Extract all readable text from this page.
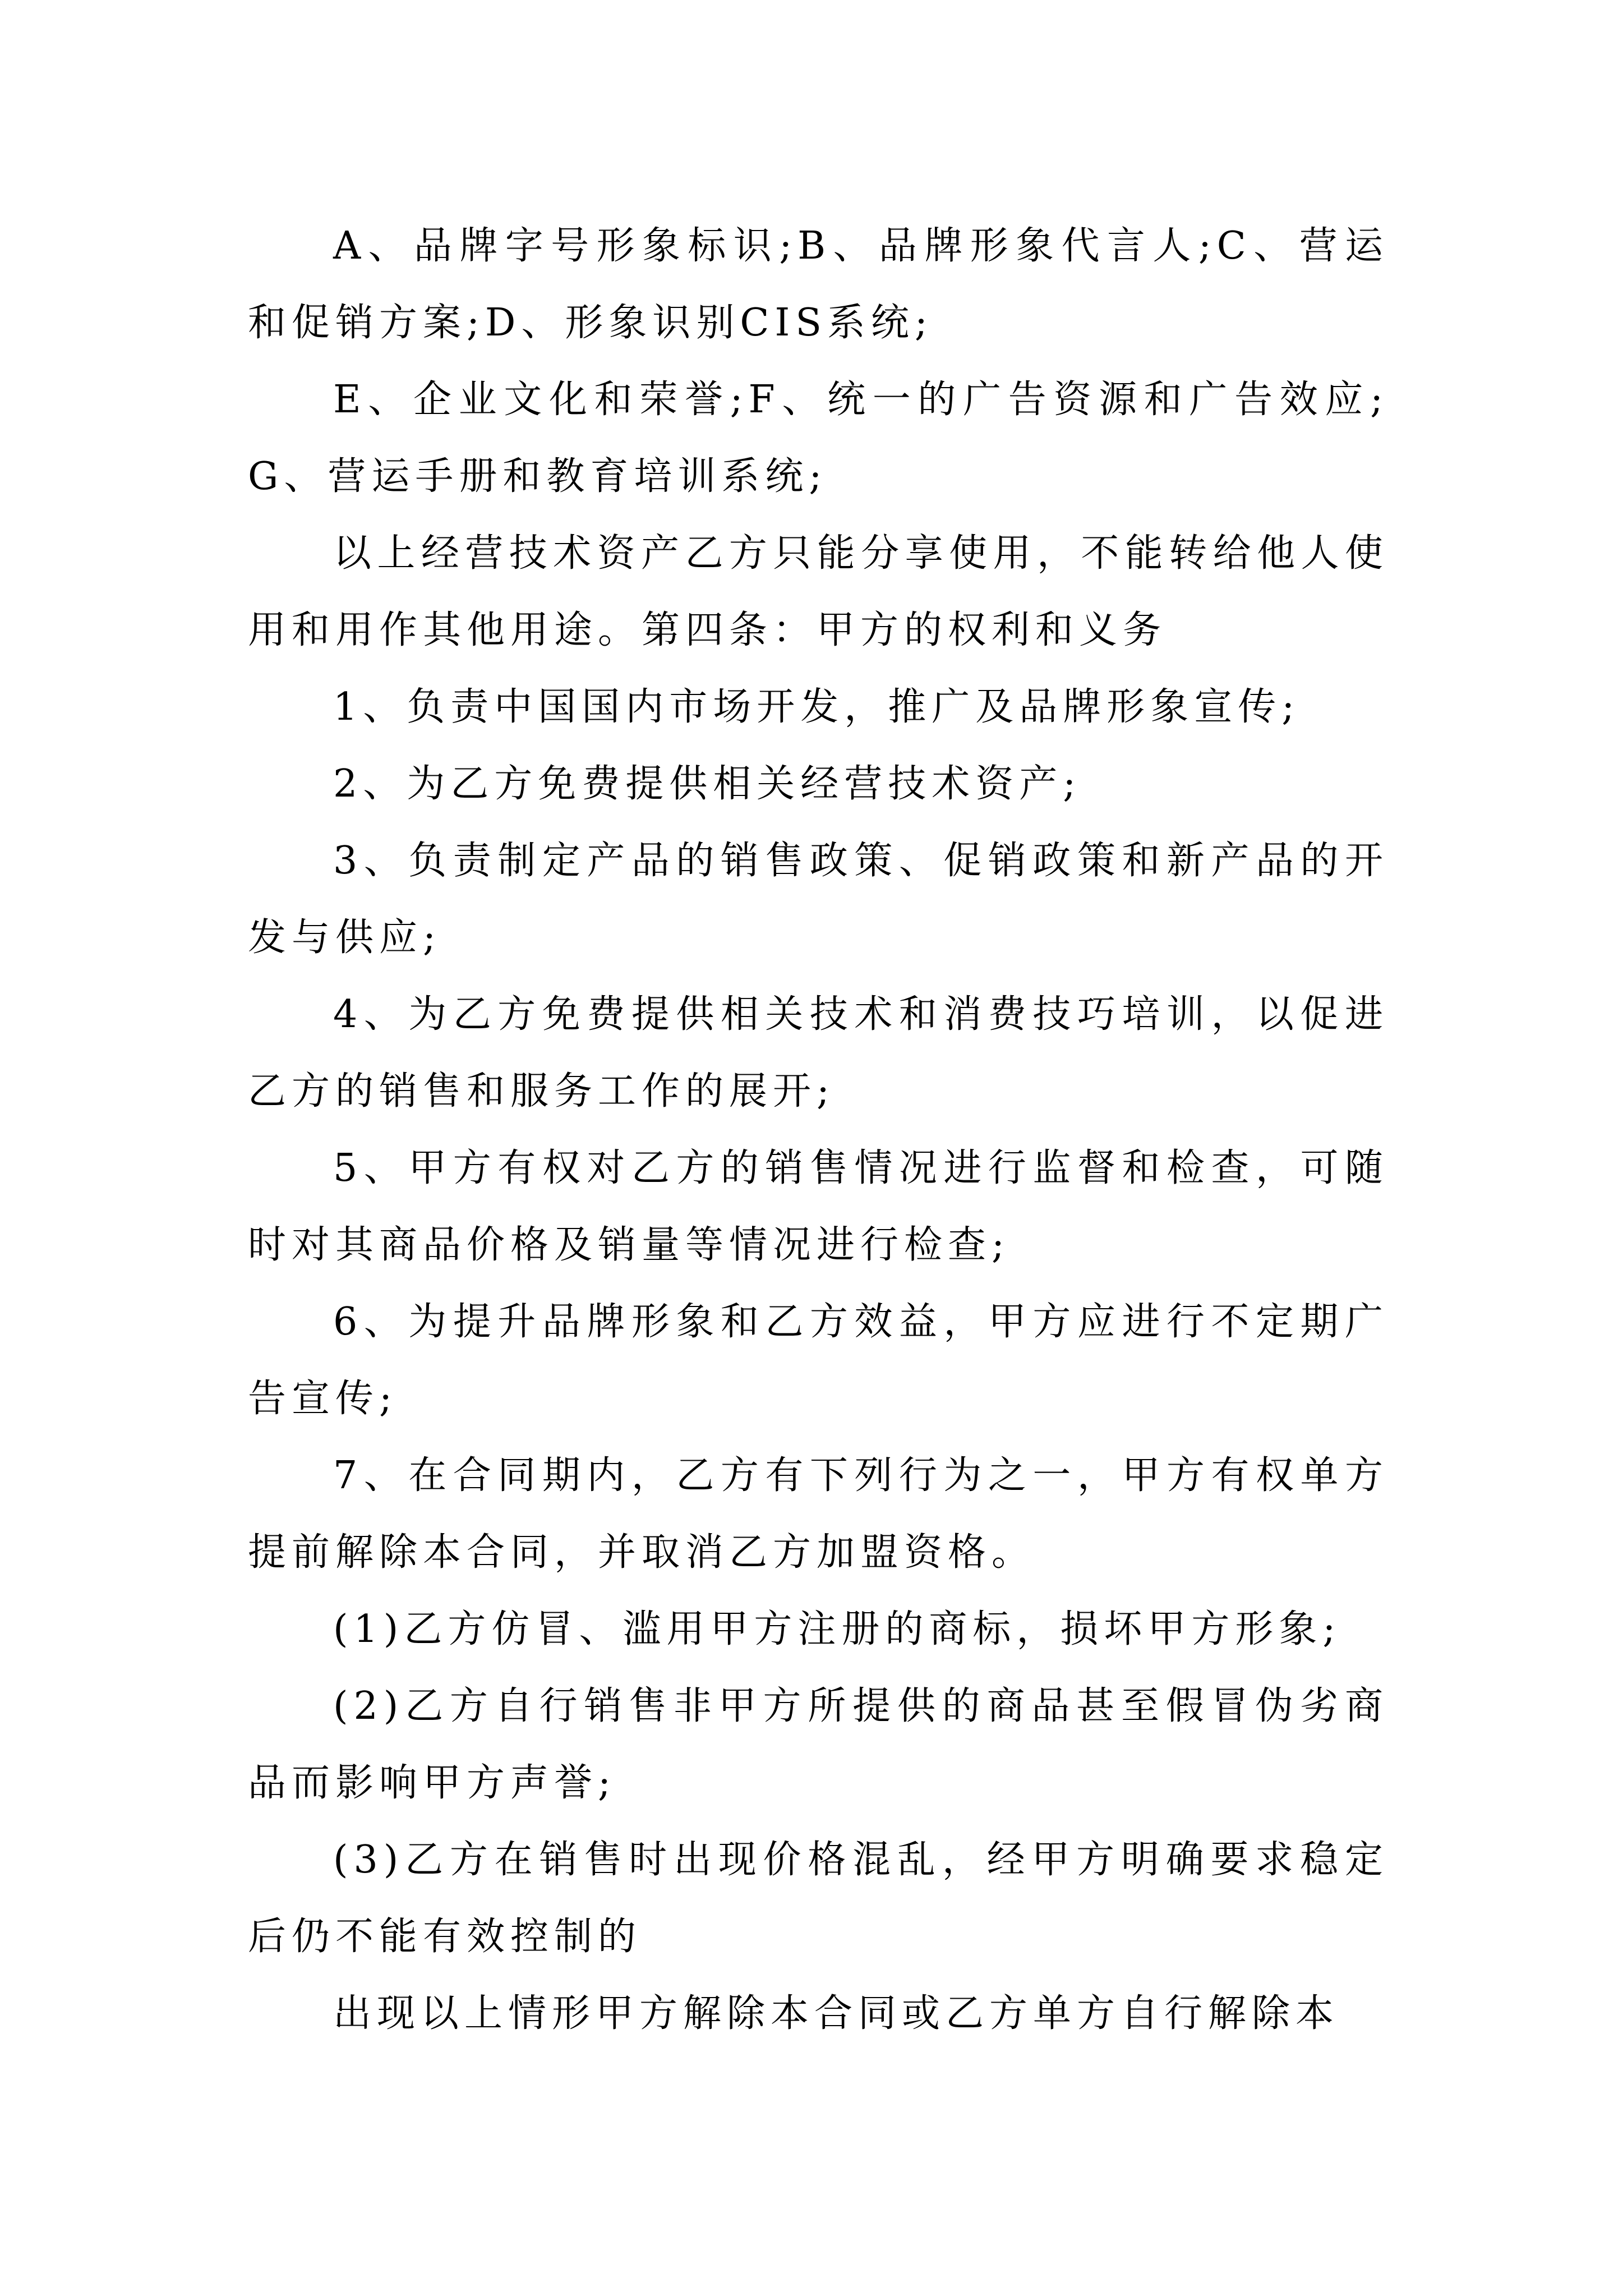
A、品牌字号形象标识;B、品牌形象代言人;C、营运和促销方案;D、形象识别CIS系统;

E、企业文化和荣誉;F、统一的广告资源和广告效应;G、营运手册和教育培训系统;

以上经营技术资产乙方只能分享使用，不能转给他人使用和用作其他用途。第四条：甲方的权利和义务

1、负责中国国内市场开发，推广及品牌形象宣传;

2、为乙方免费提供相关经营技术资产;

3、负责制定产品的销售政策、促销政策和新产品的开发与供应;

4、为乙方免费提供相关技术和消费技巧培训，以促进乙方的销售和服务工作的展开;

5、甲方有权对乙方的销售情况进行监督和检查，可随时对其商品价格及销量等情况进行检查;

6、为提升品牌形象和乙方效益，甲方应进行不定期广告宣传;

7、在合同期内，乙方有下列行为之一，甲方有权单方提前解除本合同，并取消乙方加盟资格。

(1)乙方仿冒、滥用甲方注册的商标，损坏甲方形象;

(2)乙方自行销售非甲方所提供的商品甚至假冒伪劣商品而影响甲方声誉;

(3)乙方在销售时出现价格混乱，经甲方明确要求稳定后仍不能有效控制的

出现以上情形甲方解除本合同或乙方单方自行解除本
